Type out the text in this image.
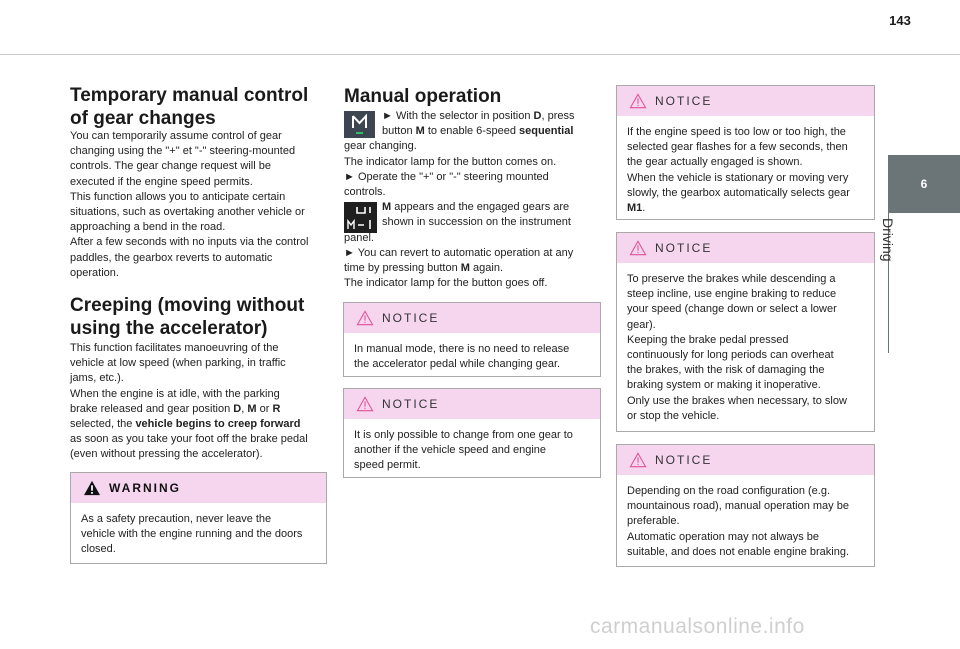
143
6
Driving
Temporary manual control
of gear changes
You can temporarily assume control of gear
changing using the "+" et "-" steering-mounted
controls. The gear change request will be
executed if the engine speed permits.
This function allows you to anticipate certain
situations, such as overtaking another vehicle or
approaching a bend in the road.
After a few seconds with no inputs via the control
paddles, the gearbox reverts to automatic
operation.
Creeping (moving without
using the accelerator)
This function facilitates manoeuvring of the
vehicle at low speed (when parking, in traffic
jams, etc.).
When the engine is at idle, with the parking
brake released and gear position D, M or R
selected, the vehicle begins to creep forward
as soon as you take your foot off the brake pedal
(even without pressing the accelerator).
WARNING
As a safety precaution, never leave the
vehicle with the engine running and the doors
closed.
Manual operation
► With the selector in position D, press
button M to enable 6-speed sequential
gear changing.
The indicator lamp for the button comes on.
► Operate the "+" or "-" steering mounted
controls.
M appears and the engaged gears are
shown in succession on the instrument
panel.
► You can revert to automatic operation at any
time by pressing button M again.
The indicator lamp for the button goes off.
NOTICE
In manual mode, there is no need to release
the accelerator pedal while changing gear.
NOTICE
It is only possible to change from one gear to
another if the vehicle speed and engine
speed permit.
NOTICE
If the engine speed is too low or too high, the
selected gear flashes for a few seconds, then
the gear actually engaged is shown.
When the vehicle is stationary or moving very
slowly, the gearbox automatically selects gear
M1.
NOTICE
To preserve the brakes while descending a
steep incline, use engine braking to reduce
your speed (change down or select a lower
gear).
Keeping the brake pedal pressed
continuously for long periods can overheat
the brakes, with the risk of damaging the
braking system or making it inoperative.
Only use the brakes when necessary, to slow
or stop the vehicle.
NOTICE
Depending on the road configuration (e.g.
mountainous road), manual operation may be
preferable.
Automatic operation may not always be
suitable, and does not enable engine braking.
carmanualsonline.info
